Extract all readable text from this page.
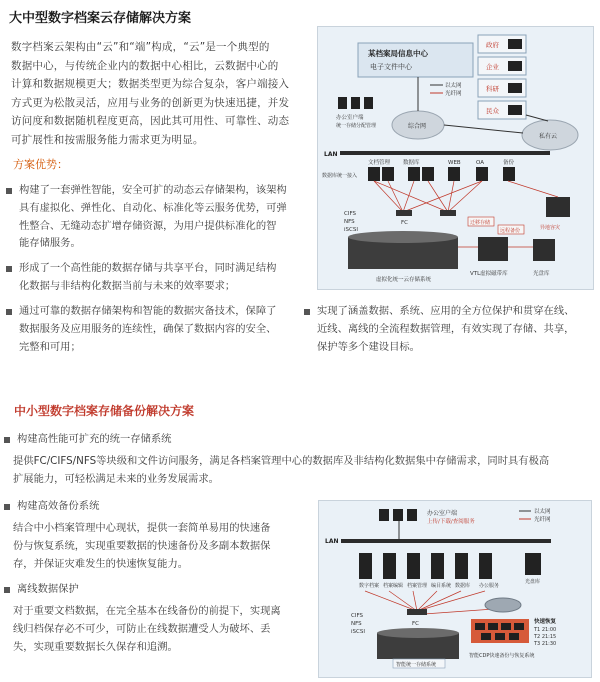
大中型数字档案云存储解决方案
数字档案云架构由“云”和“端”构成，“云”是一个典型的
数据中心，与传统企业内的数据中心相比，云数据中心的
计算和数据规模更大；数据类型更为综合复杂，客户端接入
方式更为松散灵活，应用与业务的创新更为快速迅捷，并发
访问度和数据随机程度更高，因此其可用性、可靠性、动态
可扩展性和按需服务能力需求更为明显。
方案优势：
构建了一套弹性智能，安全可扩的动态云存储架构，该架构
具有虚拟化、弹性化、自动化、标准化等云服务优势，可弹
性整合、无缝动态扩增存储资源，为用户提供标准化的智
能存储服务。
形成了一个高性能的数据存储与共享平台，同时满足结构
化数据与非结构化数据当前与未来的效率要求；
通过可靠的数据存储架构和智能的数据灾备技术，保障了
数据服务及应用服务的连续性，确保了数据内容的安全、
完整和可用；
实现了涵盖数据、系统、应用的全方位保护和贯穿在线、
近线、离线的全流程数据管理，有效实现了存储、共享，
保护等多个建设目标。
某档案局信息中心
电子文件中心
政府
企业
科研
民众
以太网
光纤网
办公室户端
统一存储分配管理	综合网
私有云
LAN
文档管理 数据库	WEB	OA	备份
数据库统一接入
FC
CIFS
NFS
iSCSI
虚拟化统一云存储系统
VTL虚拟磁带库	光盘库
迁移存储
远程备份	异地容灾
中小型数字档案存储备份解决方案
构建高性能可扩充的统一存储系统
提供FC/CIFS/NFS等块级和文件访问服务，满足各档案管理中心的数据库及非结构化数据集中存储需求，同时具有极高
扩展能力，可轻松满足未来的业务发展需求。
构建高效备份系统
结合中小档案管理中心现状，提供一套简单易用的快速备
份与恢复系统，实现重要数据的快速备份及多副本数据保
存，并保证灾难发生的快速恢复能力。
离线数据保护
对于重要文档数据，在完全基本在线备份的前提下，实现离
线归档保存必不可少，可防止在线数据遭受人为破坏、丢
失，实现重要数据长久保存和追溯。
办公室户端
上传/下载/查阅服务
以太网
光纤网
LAN
数字档案 档案编辑 档案管理 编目系统 数据库 办公服务
光盘库
FC
CIFS
NFS
iSCSI
智能统一存储系统
快速恢复
T1 21:00
T2 21:15
T3 21:30
智能CDP快速备份与恢复系统
